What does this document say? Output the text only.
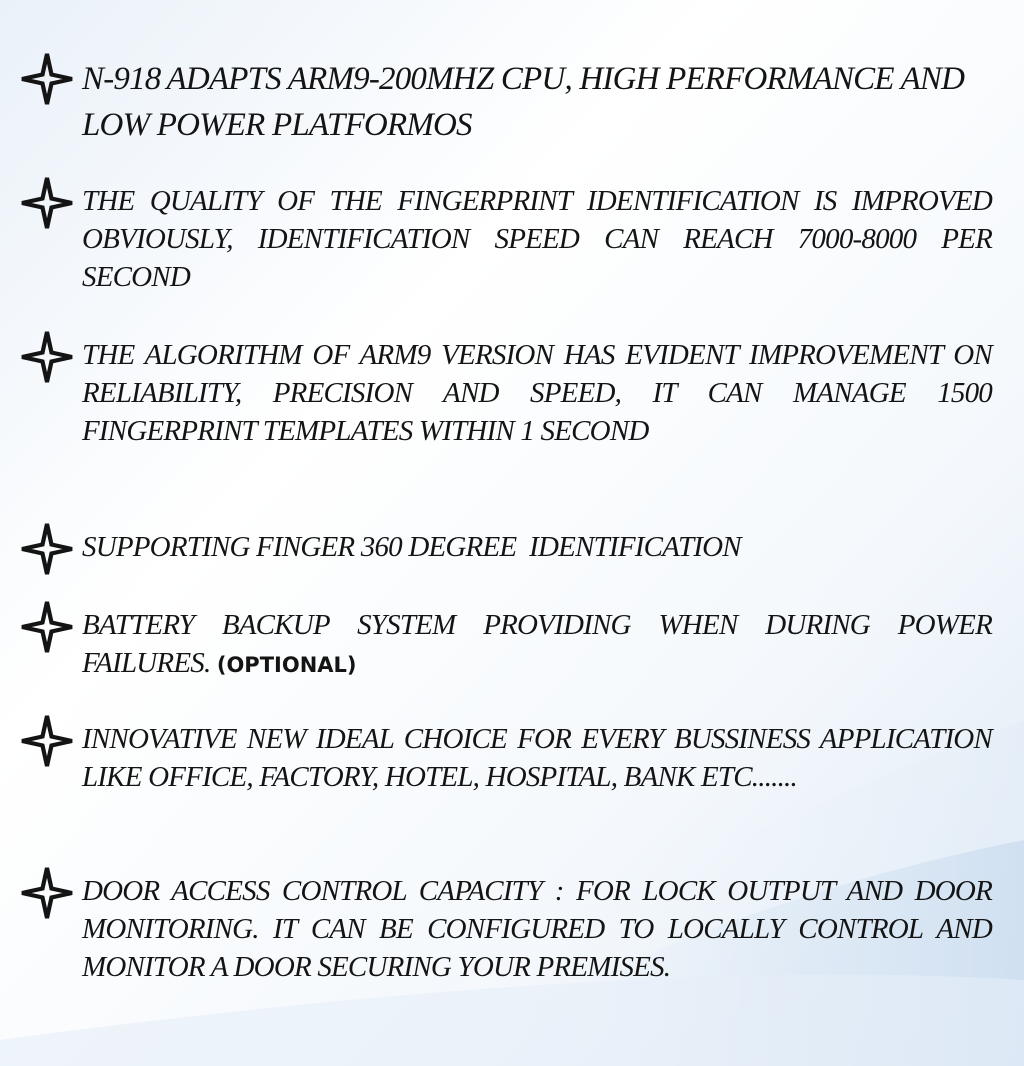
N-918 ADAPTS ARM9-200MHZ CPU, HIGH PERFORMANCE AND LOW POWER PLATFORMOS
THE QUALITY OF THE FINGERPRINT IDENTIFICATION IS IMPROVED OBVIOUSLY, IDENTIFICATION SPEED CAN REACH 7000-8000 PER SECOND
THE ALGORITHM OF ARM9 VERSION HAS EVIDENT IMPROVEMENT ON RELIABILITY, PRECISION AND SPEED, IT CAN MANAGE 1500 FINGERPRINT TEMPLATES WITHIN 1 SECOND
SUPPORTING FINGER 360 DEGREE  IDENTIFICATION
BATTERY BACKUP SYSTEM PROVIDING WHEN DURING POWER FAILURES. (OPTIONAL)
INNOVATIVE NEW IDEAL CHOICE FOR EVERY BUSSINESS APPLICATION LIKE OFFICE, FACTORY, HOTEL, HOSPITAL, BANK ETC.......
DOOR ACCESS CONTROL CAPACITY : FOR LOCK OUTPUT AND DOOR MONITORING. IT CAN BE CONFIGURED TO LOCALLY CONTROL AND MONITOR A DOOR SECURING YOUR PREMISES.
